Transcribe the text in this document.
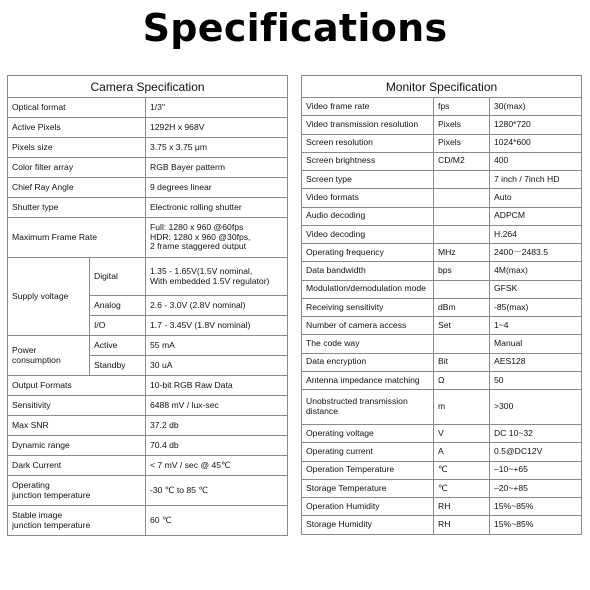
Specifications
Camera Specification		
Optical format		1/3"
Active Pixels		1292H x 968V
Pixels size		3.75 x 3.75 μm
Color filter array		RGB Bayer patterm
Chief Ray Angle		9 degrees linear
Shutter type		Electronic rolling shutter
Maximum Frame Rate		Full: 1280 x 960 @60fps
HDR: 1280 x 960 @30fps,
2 frame staggered output

Supply voltage	Digital	1.35 - 1.65V(1.5V nominal,
With embedded 1.5V regulator)

	Analog	2.6 - 3.0V (2.8V nominal)
	I/O	1.7 - 3.45V (1.8V nominal)

Power
consumption	Active	55 mA
	Standby	30 uA
Output Formats		10-bit RGB Raw Data
Sensitivity		6488 mV / lux-sec
Max SNR		37.2 db
Dynamic range		70.4 db
Dark Current		< 7 mV / sec @ 45℃

Operating
junction temperature		-30 ℃ to 85 ℃

Stable image
junction temperature		60 ℃
Monitor Specification		
Video frame rate	fps	30(max)
Video transmission resolution	Pixels	1280*720
Screen resolution	Pixels	1024*600
Screen brightness	CD/M2	400
Screen type		7 inch / 7inch HD
Video formats		Auto
Audio decoding		ADPCM
Video decoding		H.264
Operating frequency	MHz	2400－2483.5
Data bandwidth	bps	4M(max)
Modulation/demodulation mode		GFSK
Receiving sensitivity	dBm	-85(max)
Number of camera access	Set	1~4
The code way		Manual
Data encryption	Bit	AES128
Antenna impedance matching	Ω	50
Unobstructed transmission distance	m	>300
Operating voltage	V	DC 10~32
Operating current	A	0.5@DC12V
Operation Temperature	℃	–10~+65
Storage Temperature	℃	–20~+85
Operation Humidity	RH	15%~85%
Storage Humidity	RH	15%~85%
